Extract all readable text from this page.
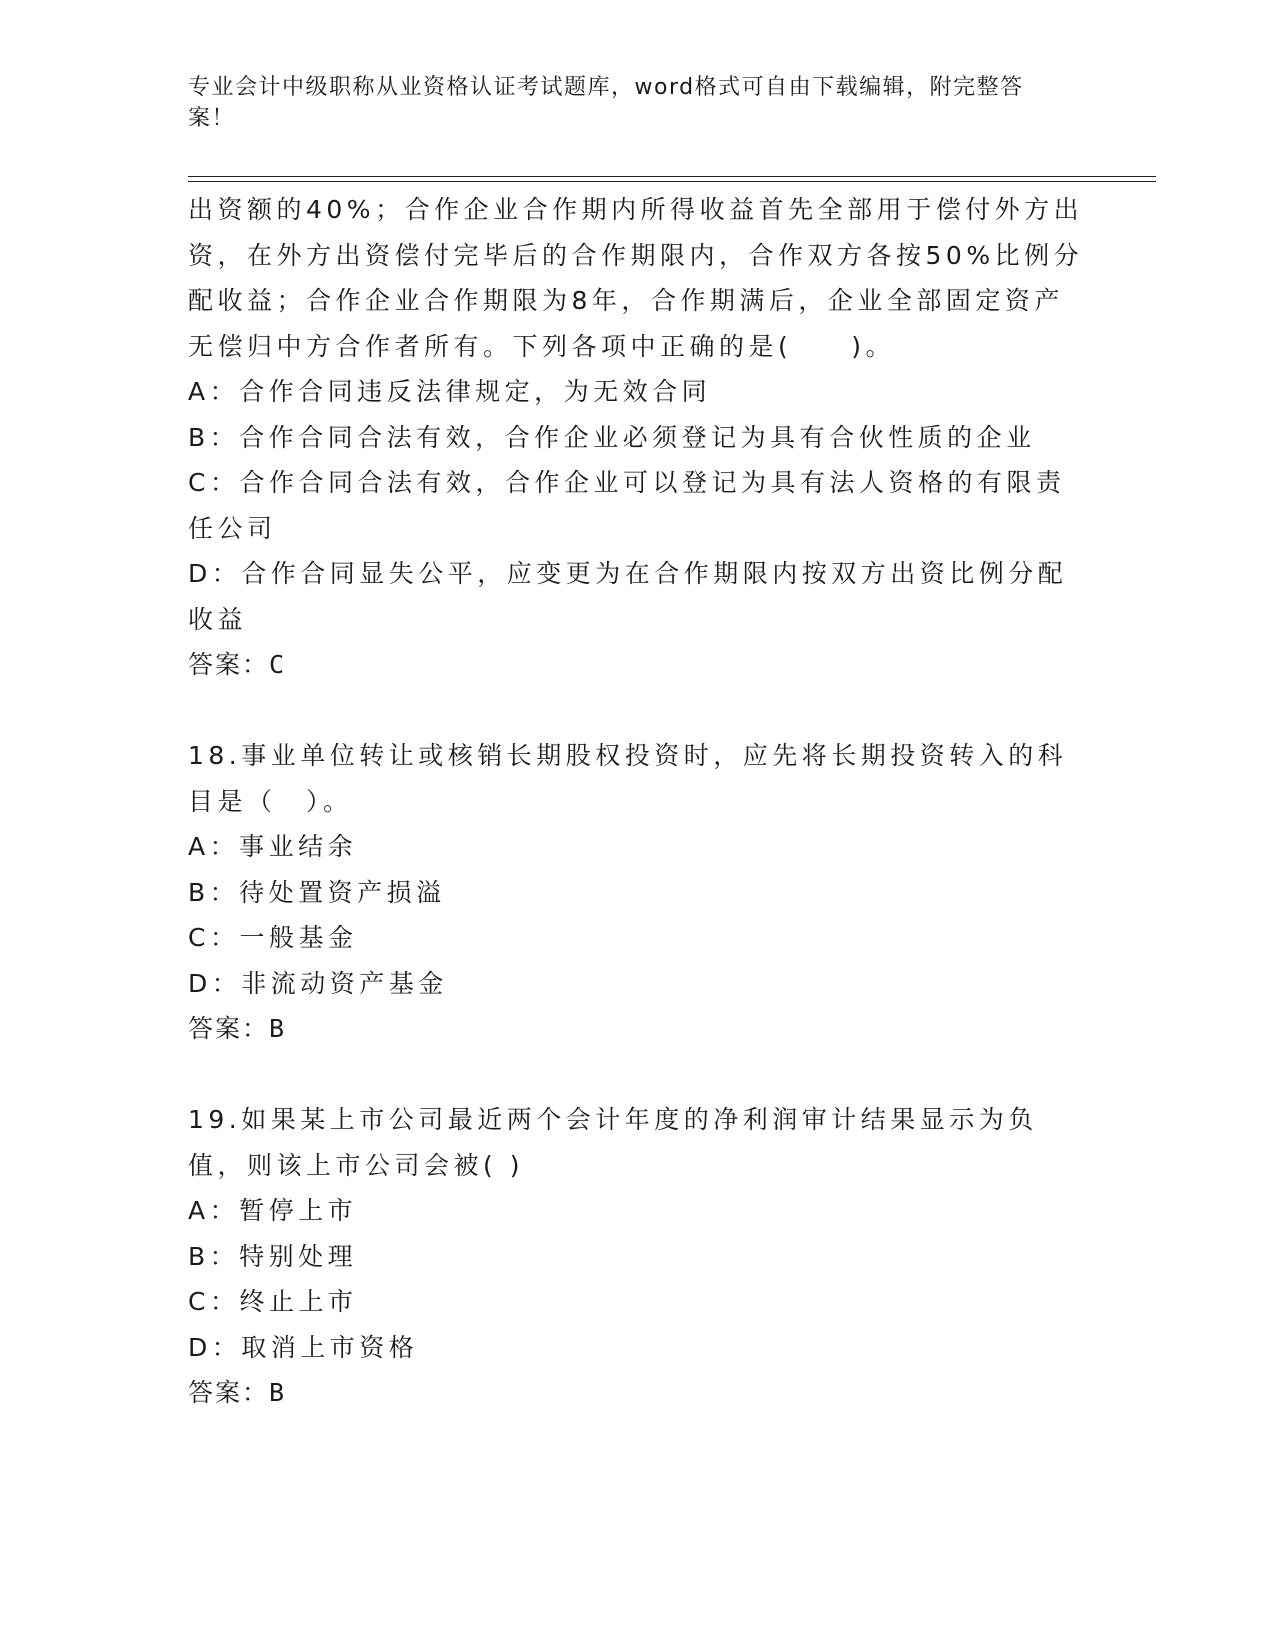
专业会计中级职称从业资格认证考试题库，word格式可自由下载编辑，附完整答案！

出资额的40%；合作企业合作期内所得收益首先全部用于偿付外方出资，在外方出资偿付完毕后的合作期限内，合作双方各按50%比例分配收益；合作企业合作期限为8年，合作期满后，企业全部固定资产无偿归中方合作者所有。下列各项中正确的是(　　)。

A：合作合同违反法律规定，为无效合同

B：合作合同合法有效，合作企业必须登记为具有合伙性质的企业

C：合作合同合法有效，合作企业可以登记为具有法人资格的有限责任公司

D：合作合同显失公平，应变更为在合作期限内按双方出资比例分配收益

答案：C

18.事业单位转让或核销长期股权投资时，应先将长期投资转入的科目是（　）。

A：事业结余

B：待处置资产损溢

C：一般基金

D：非流动资产基金

答案：B

19.如果某上市公司最近两个会计年度的净利润审计结果显示为负值，则该上市公司会被( )

A：暂停上市

B：特别处理

C：终止上市

D：取消上市资格

答案：B
